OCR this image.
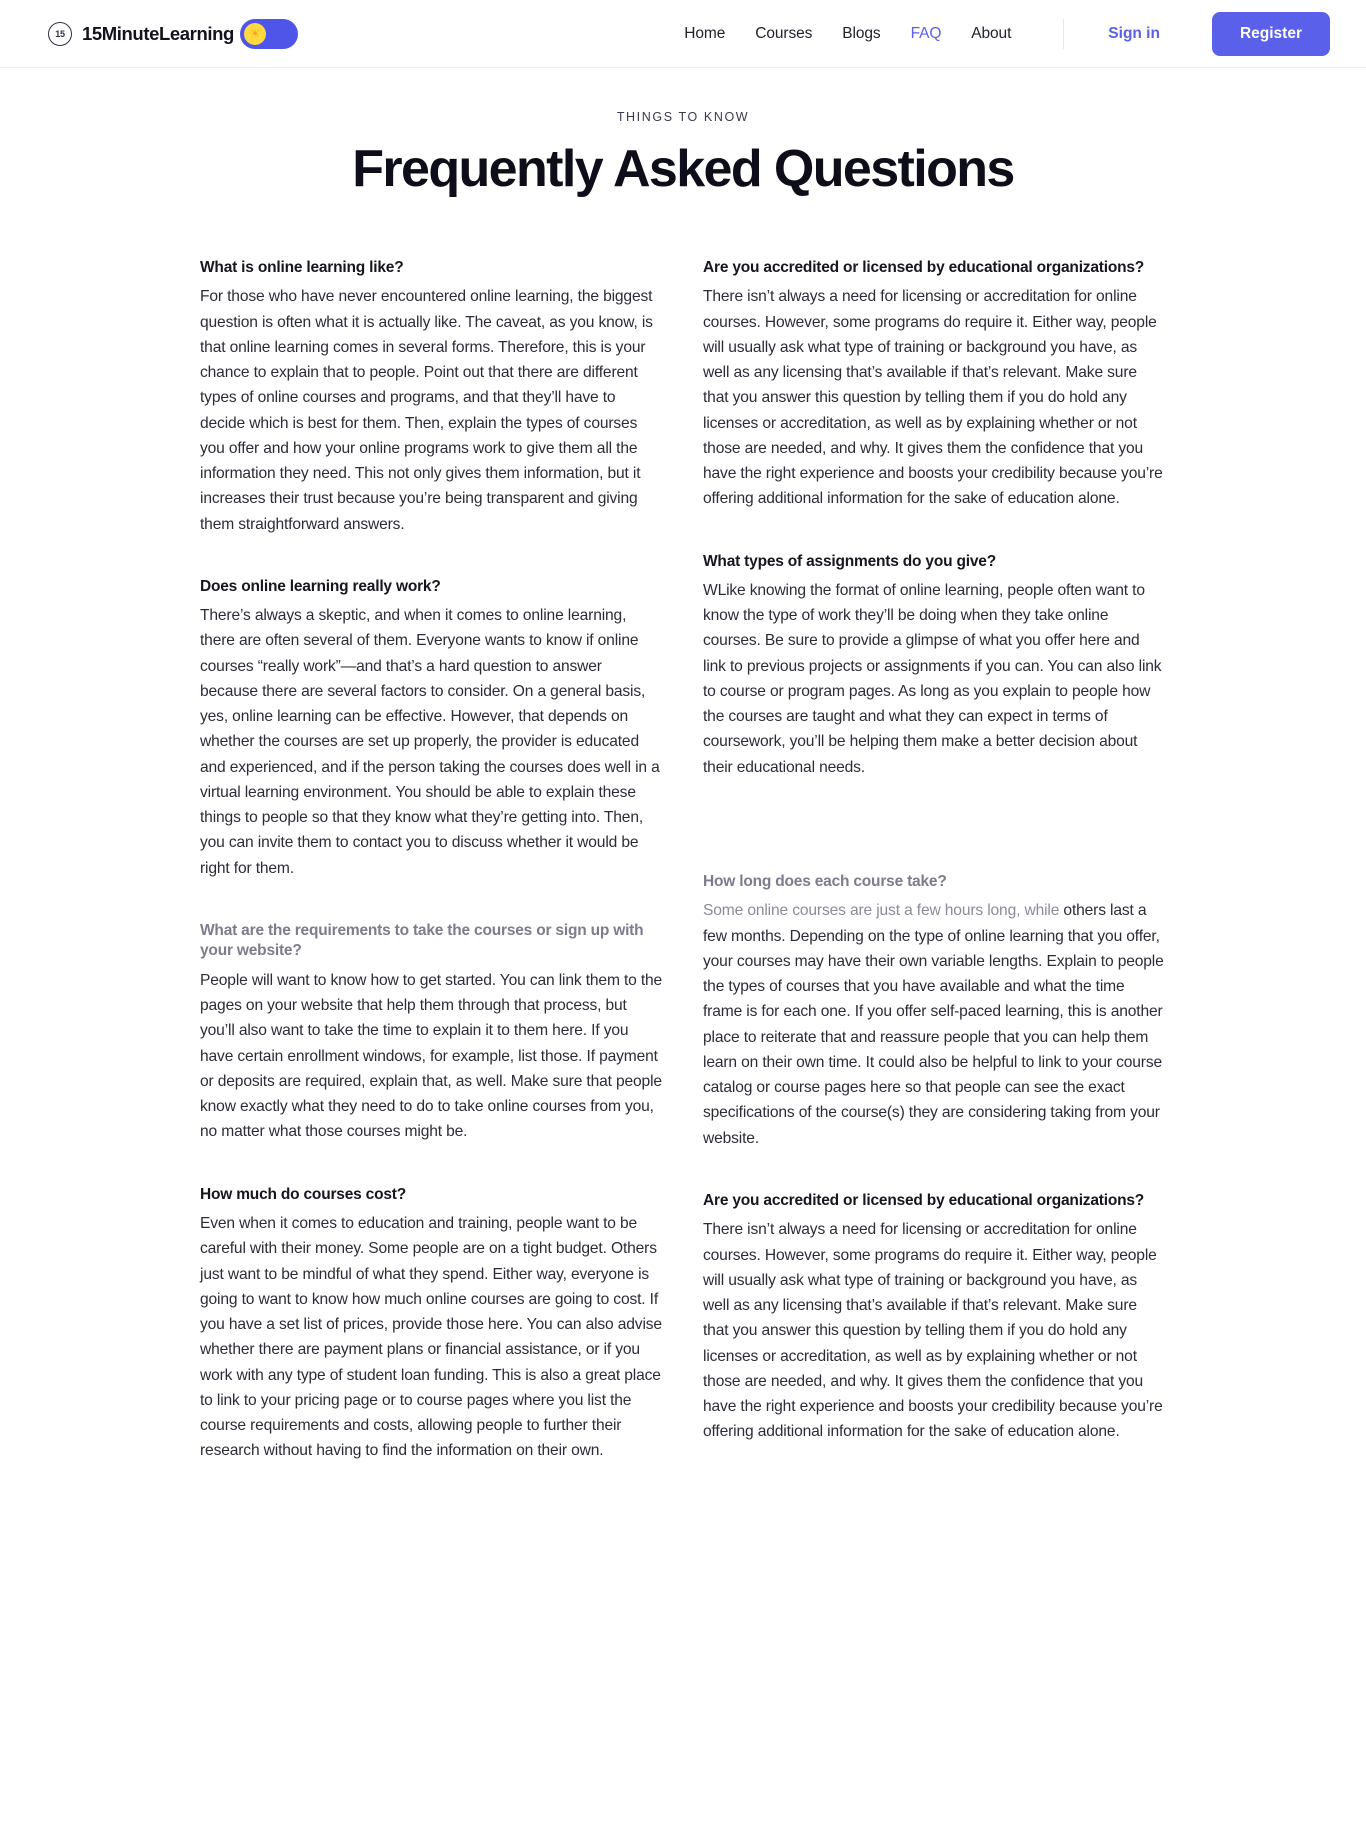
15 15MinuteLearning	☀	Home Courses Blogs FAQ About	Sign in	Register
THINGS TO KNOW
Frequently Asked Questions

What is online learning like?

For those who have never encountered online learning, the biggest question is often what it is actually like. The caveat, as you know, is that online learning comes in several forms. Therefore, this is your chance to explain that to people. Point out that there are different types of online courses and programs, and that they’ll have to decide which is best for them. Then, explain the types of courses you offer and how your online programs work to give them all the information they need. This not only gives them information, but it increases their trust because you’re being transparent and giving them straightforward answers.

Does online learning really work?

There’s always a skeptic, and when it comes to online learning, there are often several of them. Everyone wants to know if online courses “really work”—and that’s a hard question to answer because there are several factors to consider. On a general basis, yes, online learning can be effective. However, that depends on whether the courses are set up properly, the provider is educated and experienced, and if the person taking the courses does well in a virtual learning environment. You should be able to explain these things to people so that they know what they’re getting into. Then, you can invite them to contact you to discuss whether it would be right for them.

What are the requirements to take the courses or sign up with your website?

People will want to know how to get started. You can link them to the pages on your website that help them through that process, but you’ll also want to take the time to explain it to them here. If you have certain enrollment windows, for example, list those. If payment or deposits are required, explain that, as well. Make sure that people know exactly what they need to do to take online courses from you, no matter what those courses might be.

How much do courses cost?

Even when it comes to education and training, people want to be careful with their money. Some people are on a tight budget. Others just want to be mindful of what they spend. Either way, everyone is going to want to know how much online courses are going to cost. If you have a set list of prices, provide those here. You can also advise whether there are payment plans or financial assistance, or if you work with any type of student loan funding. This is also a great place to link to your pricing page or to course pages where you list the course requirements and costs, allowing people to further their research without having to find the information on their own.

Are you accredited or licensed by educational organizations?

There isn’t always a need for licensing or accreditation for online courses. However, some programs do require it. Either way, people will usually ask what type of training or background you have, as well as any licensing that’s available if that’s relevant. Make sure that you answer this question by telling them if you do hold any licenses or accreditation, as well as by explaining whether or not those are needed, and why. It gives them the confidence that you have the right experience and boosts your credibility because you’re offering additional information for the sake of education alone.

What types of assignments do you give?

WLike knowing the format of online learning, people often want to know the type of work they’ll be doing when they take online courses. Be sure to provide a glimpse of what you offer here and link to previous projects or assignments if you can. You can also link to course or program pages. As long as you explain to people how the courses are taught and what they can expect in terms of coursework, you’ll be helping them make a better decision about their educational needs.

How long does each course take?

Some online courses are just a few hours long, while others last a few months. Depending on the type of online learning that you offer, your courses may have their own variable lengths. Explain to people the types of courses that you have available and what the time frame is for each one. If you offer self-paced learning, this is another place to reiterate that and reassure people that you can help them learn on their own time. It could also be helpful to link to your course catalog or course pages here so that people can see the exact specifications of the course(s) they are considering taking from your website.

Are you accredited or licensed by educational organizations?

There isn’t always a need for licensing or accreditation for online courses. However, some programs do require it. Either way, people will usually ask what type of training or background you have, as well as any licensing that’s available if that’s relevant. Make sure that you answer this question by telling them if you do hold any licenses or accreditation, as well as by explaining whether or not those are needed, and why. It gives them the confidence that you have the right experience and boosts your credibility because you’re offering additional information for the sake of education alone.
